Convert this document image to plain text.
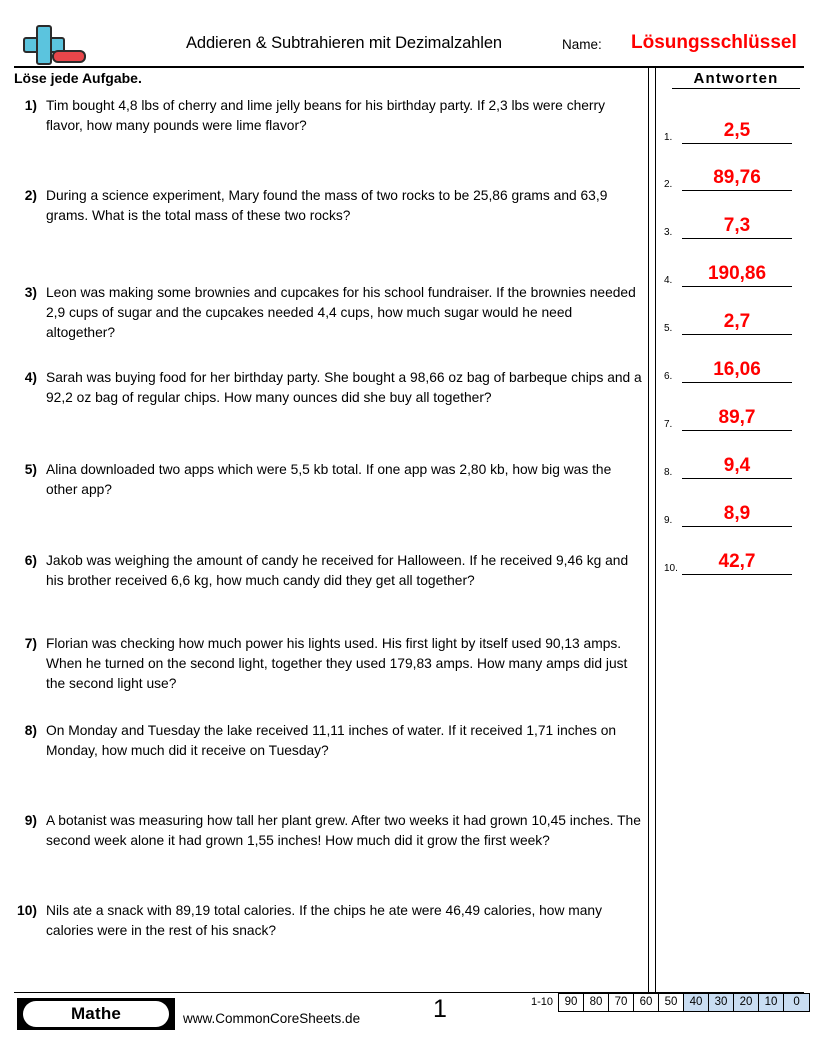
Addieren & Subtrahieren mit Dezimalzahlen	Name: Lösungsschlüssel
Löse jede Aufgabe.
1) Tim bought 4,8 lbs of cherry and lime jelly beans for his birthday party. If 2,3 lbs were cherry flavor, how many pounds were lime flavor?
2) During a science experiment, Mary found the mass of two rocks to be 25,86 grams and 63,9 grams. What is the total mass of these two rocks?
3) Leon was making some brownies and cupcakes for his school fundraiser. If the brownies needed 2,9 cups of sugar and the cupcakes needed 4,4 cups, how much sugar would he need altogether?
4) Sarah was buying food for her birthday party. She bought a 98,66 oz bag of barbeque chips and a 92,2 oz bag of regular chips. How many ounces did she buy all together?
5) Alina downloaded two apps which were 5,5 kb total. If one app was 2,80 kb, how big was the other app?
6) Jakob was weighing the amount of candy he received for Halloween. If he received 9,46 kg and his brother received 6,6 kg, how much candy did they get all together?
7) Florian was checking how much power his lights used. His first light by itself used 90,13 amps. When he turned on the second light, together they used 179,83 amps. How many amps did just the second light use?
8) On Monday and Tuesday the lake received 11,11 inches of water. If it received 1,71 inches on Monday, how much did it receive on Tuesday?
9) A botanist was measuring how tall her plant grew. After two weeks it had grown 10,45 inches. The second week alone it had grown 1,55 inches! How much did it grow the first week?
10) Nils ate a snack with 89,19 total calories. If the chips he ate were 46,49 calories, how many calories were in the rest of his snack?
Antworten
1.	2,5
2.	89,76
3.	7,3
4.	190,86
5.	2,7
6.	16,06
7.	89,7
8.	9,4
9.	8,9
10.	42,7
Mathe	www.CommonCoreSheets.de	1	1-10	90	80	70	60	50	40	30	20	10	0
